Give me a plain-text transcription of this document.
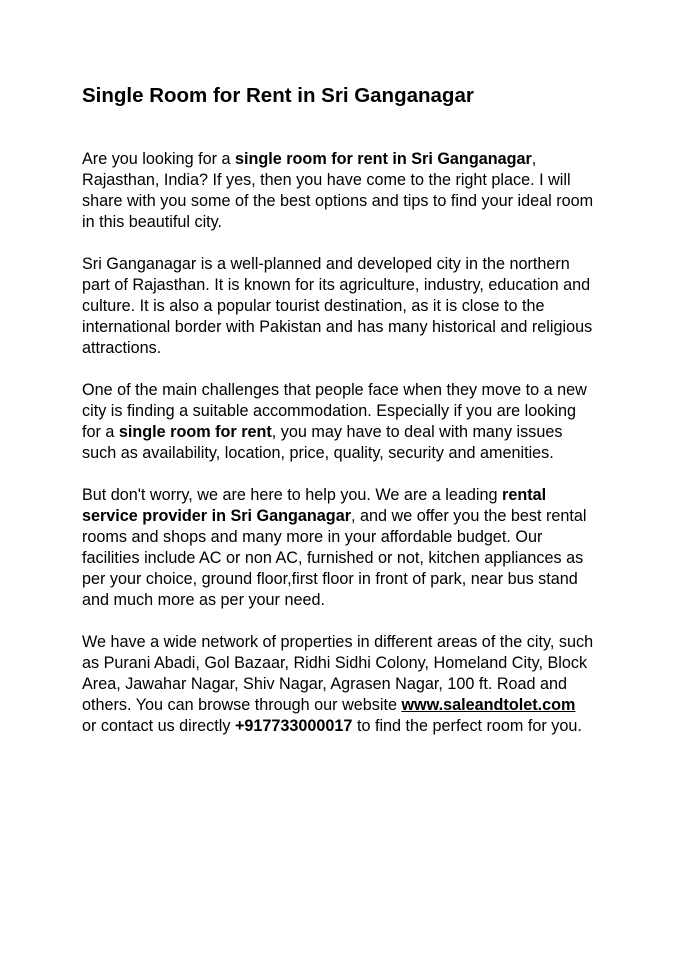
Single Room for Rent in Sri Ganganagar

Are you looking for a single room for rent in Sri Ganganagar, Rajasthan, India? If yes, then you have come to the right place. I will share with you some of the best options and tips to find your ideal room in this beautiful city.

Sri Ganganagar is a well-planned and developed city in the northern part of Rajasthan. It is known for its agriculture, industry, education and culture. It is also a popular tourist destination, as it is close to the international border with Pakistan and has many historical and religious attractions.

One of the main challenges that people face when they move to a new city is finding a suitable accommodation. Especially if you are looking for a single room for rent, you may have to deal with many issues such as availability, location, price, quality, security and amenities.

But don't worry, we are here to help you. We are a leading rental service provider in Sri Ganganagar, and we offer you the best rental rooms and shops and many more in your affordable budget. Our facilities include AC or non AC, furnished or not, kitchen appliances as per your choice, ground floor,first floor in front of park, near bus stand and much more as per your need.

We have a wide network of properties in different areas of the city, such as Purani Abadi, Gol Bazaar, Ridhi Sidhi Colony, Homeland City, Block Area, Jawahar Nagar, Shiv Nagar, Agrasen Nagar, 100 ft. Road and others. You can browse through our website www.saleandtolet.com or contact us directly +917733000017 to find the perfect room for you.
